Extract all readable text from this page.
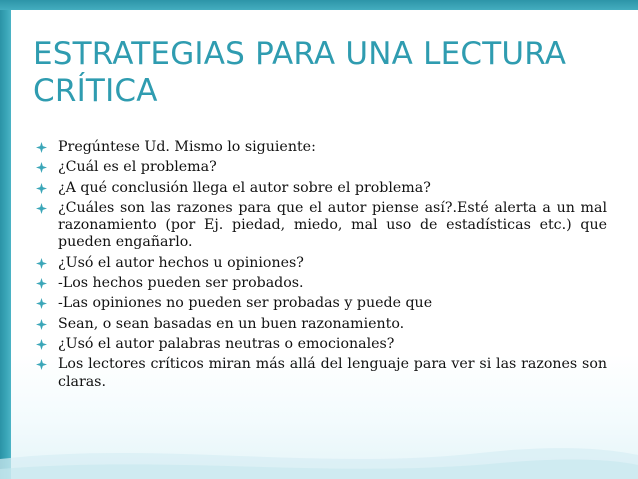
ESTRATEGIAS PARA UNA LECTURA CRÍTICA
Pregúntese Ud. Mismo lo siguiente:
¿Cuál es el problema?
¿A qué conclusión llega el autor sobre el problema?
¿Cuáles son las razones para que el autor piense así?.Esté alerta a un mal razonamiento (por Ej. piedad, miedo, mal uso de estadísticas etc.) que pueden engañarlo.
¿Usó el autor hechos u opiniones?
-Los hechos pueden ser probados.
-Las opiniones no pueden ser probadas y puede que
Sean, o sean basadas en un buen razonamiento.
¿Usó el autor palabras neutras o emocionales?
Los lectores críticos miran más allá del lenguaje para ver si las razones son claras.
